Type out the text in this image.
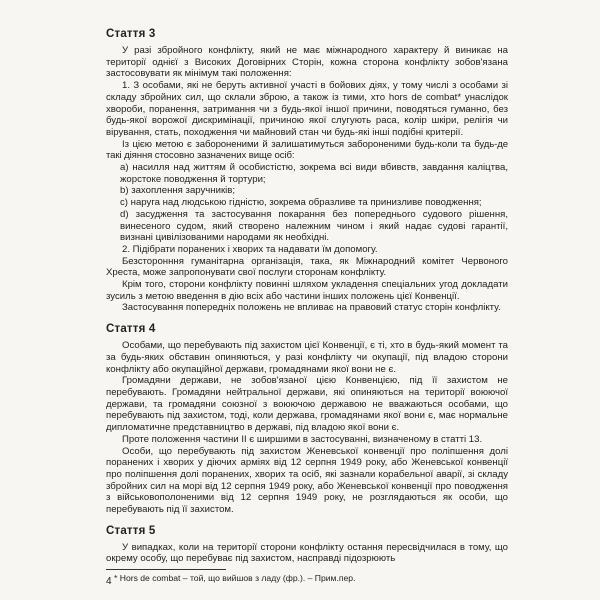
Стаття 3

У разі збройного конфлікту, який не має міжнародного характеру й виникає на території однієї з Високих Договірних Сторін, кожна сторона конфлікту зобов'язана застосовувати як мінімум такі положення:

1. З особами, які не беруть активної участі в бойових діях, у тому числі з особами зі складу збройних сил, що склали зброю, а також із тими, хто hors de combat* унаслідок хвороби, поранення, затримання чи з будь-якої іншої причини, поводяться гуманно, без будь-якої ворожої дискримінації, причиною якої слугують раса, колір шкіри, релігія чи вірування, стать, походження чи майновий стан чи будь-які інші подібні критерії.

Із цією метою є забороненими й залишатимуться забороненими будь-коли та будь-де такі діяння стосовно зазначених вище осіб:

a) насилля над життям й особистістю, зокрема всі види вбивств, завдання каліцтва, жорстоке поводження й тортури;

b) захоплення заручників;

c) наруга над людською гідністю, зокрема образливе та принизливе поводження;

d) засудження та застосування покарання без попереднього судового рішення, винесеного судом, який створено належним чином і який надає судові гарантії, визнані цивілізованими народами як необхідні.

2. Підібрати поранених і хворих та надавати їм допомогу.

Безсторонння гуманітарна організація, така, як Міжнародний комітет Червоного Хреста, може запропонувати свої послуги сторонам конфлікту.

Крім того, сторони конфлікту повинні шляхом укладення спеціальних угод докладати зусиль з метою введення в дію всіх або частини інших положень цієї Конвенції.

Застосування попередніх положень не впливає на правовий статус сторін конфлікту.

Стаття 4

Особами, що перебувають під захистом цієї Конвенції, є ті, хто в будь-який момент та за будь-яких обставин опиняються, у разі конфлікту чи окупації, під владою сторони конфлікту або окупаційної держави, громадянами якої вони не є.

Громадяни держави, не зобов'язаної цією Конвенцією, під її захистом не перебувають. Громадяни нейтральної держави, які опиняються на території воюючої держави, та громадяни союзної з воюючою державою не вважаються особами, що перебувають під захистом, тоді, коли держава, громадянами якої вони є, має нормальне дипломатичне представництво в державі, під владою якої вони є.

Проте положення частини II є ширшими в застосуванні, визначеному в статті 13.

Особи, що перебувають під захистом Женевської конвенції про поліпшення долі поранених і хворих у діючих арміях від 12 серпня 1949 року, або Женевської конвенції про поліпшення долі поранених, хворих та осіб, які зазнали корабельної аварії, зі складу збройних сил на морі від 12 серпня 1949 року, або Женевської конвенції про поводження з військовополоненими від 12 серпня 1949 року, не розглядаються як особи, що перебувають під її захистом.

Стаття 5

У випадках, коли на території сторони конфлікту остання пересвідчилася в тому, що окрему особу, що перебуває під захистом, насправді підозрюють

* Hors de combat – той, що вийшов з ладу (фр.). – Прим.пер.

4
